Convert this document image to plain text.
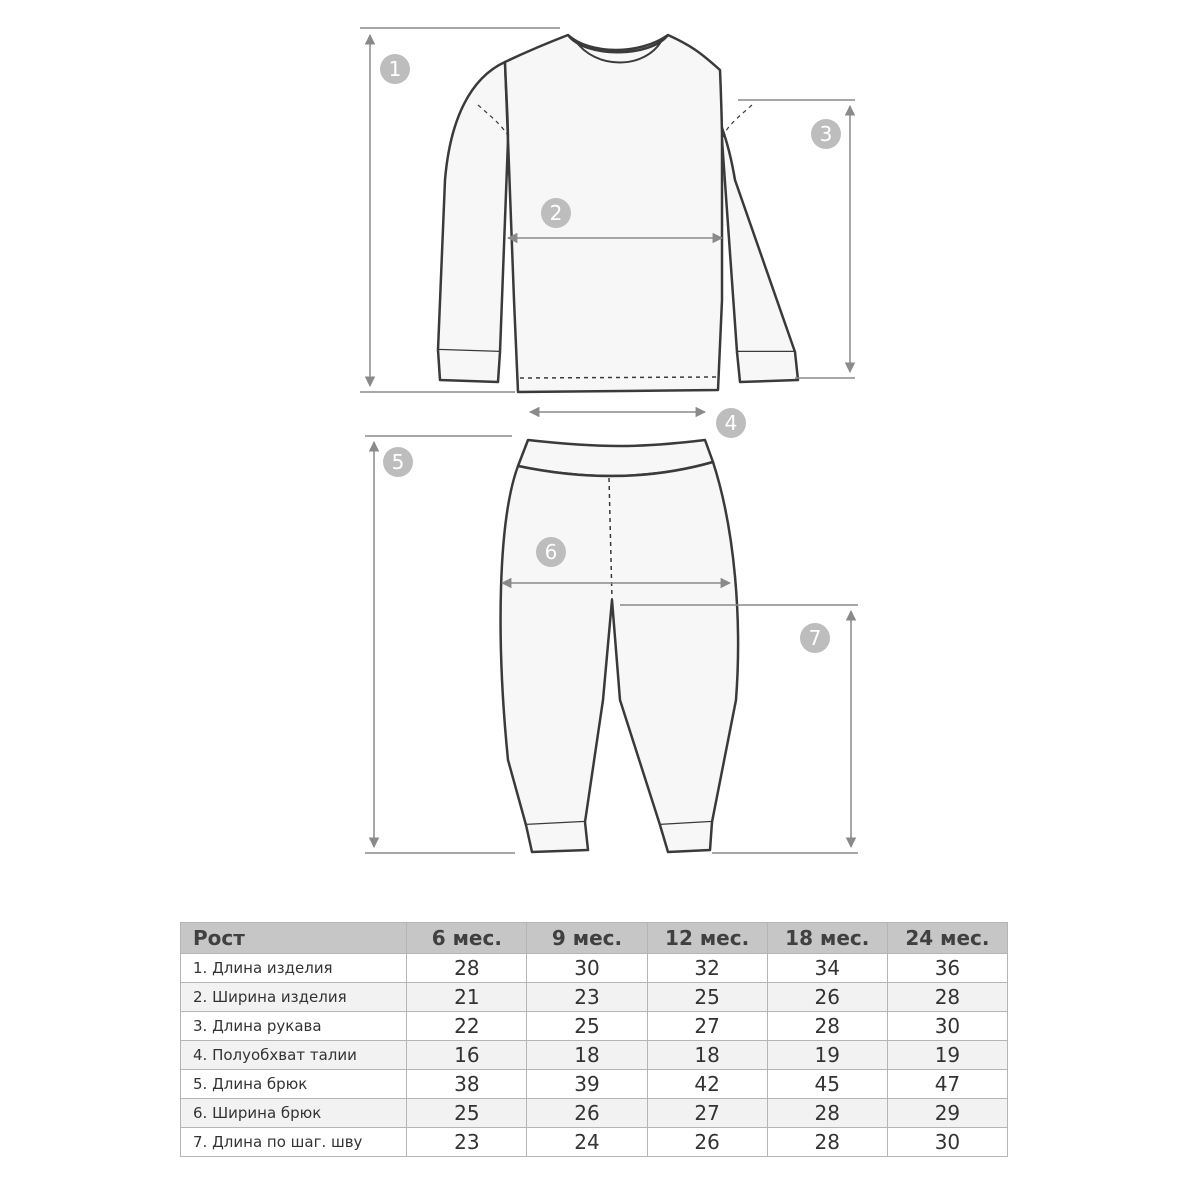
1
2
3
4
5
6
7
Рост	6 мес.	9 мес.	12 мес.	18 мес.	24 мес.
1. Длина изделия	28	30	32	34	36
2. Ширина изделия	21	23	25	26	28
3. Длина рукава	22	25	27	28	30
4. Полуобхват талии	16	18	18	19	19
5. Длина брюк	38	39	42	45	47
6. Ширина брюк	25	26	27	28	29
7. Длина по шаг. шву	23	24	26	28	30
